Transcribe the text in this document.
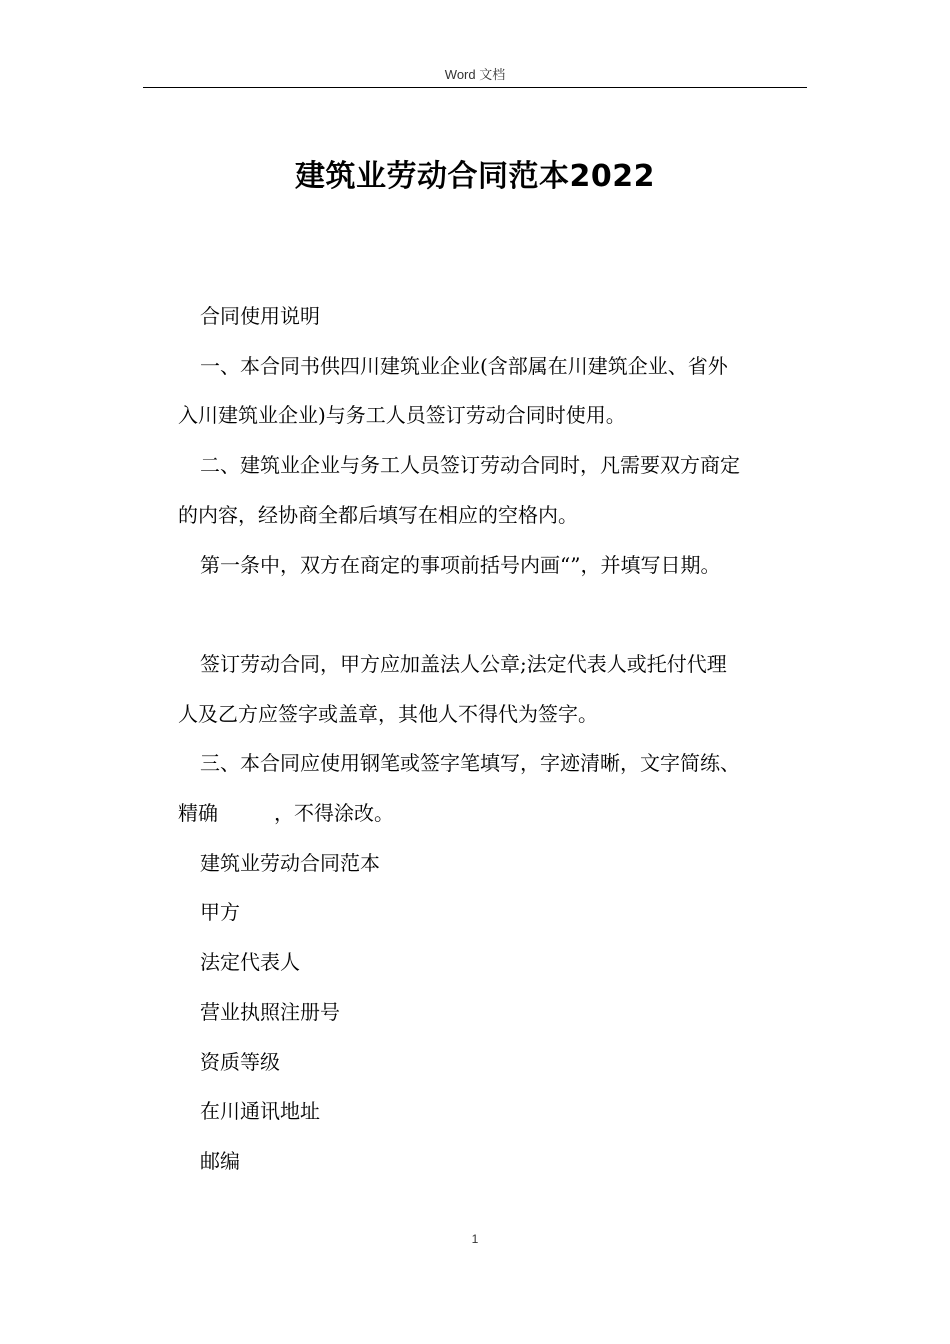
Word 文档
建筑业劳动合同范本2022

合同使用说明

一、本合同书供四川建筑业企业(含部属在川建筑企业、省外

入川建筑业企业)与务工人员签订劳动合同时使用。

二、建筑业企业与务工人员签订劳动合同时，凡需要双方商定

的内容，经协商全都后填写在相应的空格内。

第一条中，双方在商定的事项前括号内画“”，并填写日期。

签订劳动合同，甲方应加盖法人公章;法定代表人或托付代理

人及乙方应签字或盖章，其他人不得代为签字。

三、本合同应使用钢笔或签字笔填写，字迹清晰，文字简练、

精确	，不得涂改。

建筑业劳动合同范本

甲方

法定代表人

营业执照注册号

资质等级

在川通讯地址

邮编

1
